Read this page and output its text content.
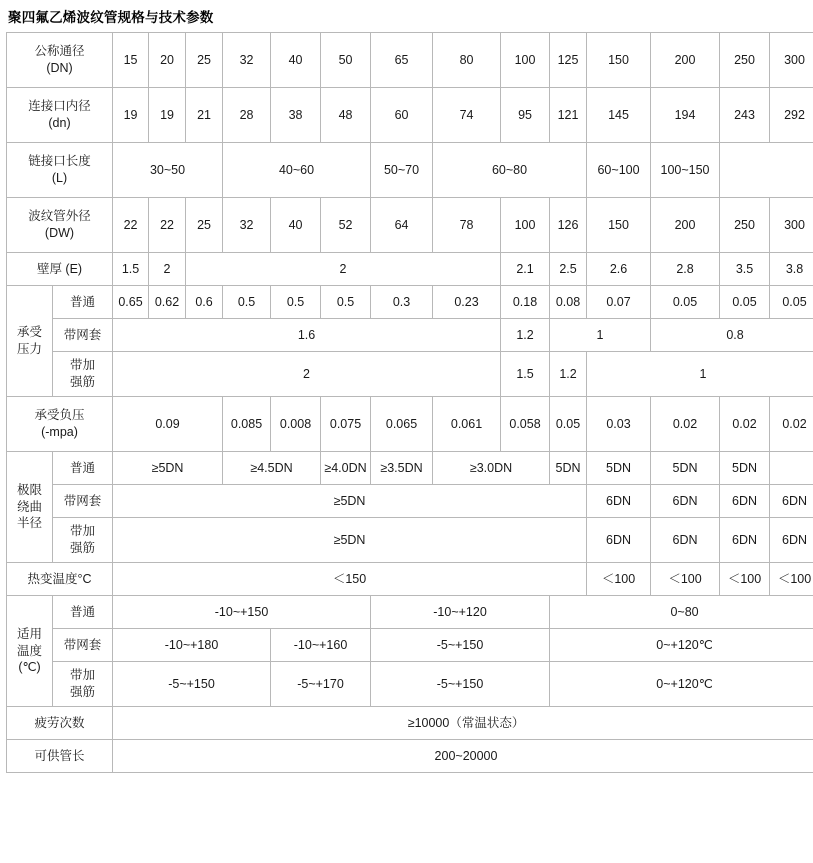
聚四氟乙烯波纹管规格与技术参数
公称通径
(DN)		15	20	25	32	40	50	65	80	100	125	150	200	250	300

连接口内径
(dn)		19	19	21	28	38	48	60	74	95	121	145	194	243	292

链接口长度
(L)		30~50			40~60			50~70	60~80			60~100	100~150		

波纹管外径
(DW)		22	22	25	32	40	52	64	78	100	126	150	200	250	300
壁厚 (E)		1.5	2	2						2.1	2.5	2.6	2.8	3.5	3.8

承受
压力	普通	0.65	0.62	0.6	0.5	0.5	0.5	0.3	0.23	0.18	0.08	0.07	0.05	0.05	0.05
	带网套	1.6								1.2	1		0.8		

	带加
强筋	2								1.5	1.2	1			

承受负压
(-mpa)		0.09			0.085	0.008	0.075	0.065	0.061	0.058	0.05	0.03	0.02	0.02	0.02

极限
绕曲
半径	普通	≥5DN			≥4.5DN		≥4.0DN	≥3.5DN	≥3.0DN		5DN	5DN	5DN	5DN	
	带网套	≥5DN										6DN	6DN	6DN	6DN

	带加
强筋	≥5DN										6DN	6DN	6DN	6DN
热变温度°C		＜150										＜100	＜100	＜100	＜100

适用
温度
(℃)	普通	-10~+150						-10~+120			0~80				
	带网套	-10~+180				-10~+160		-5~+150			0~+120℃				

	带加
强筋	-5~+150				-5~+170		-5~+150			0~+120℃				
疲劳次数		≥10000（常温状态）													
可供管长		200~20000													
